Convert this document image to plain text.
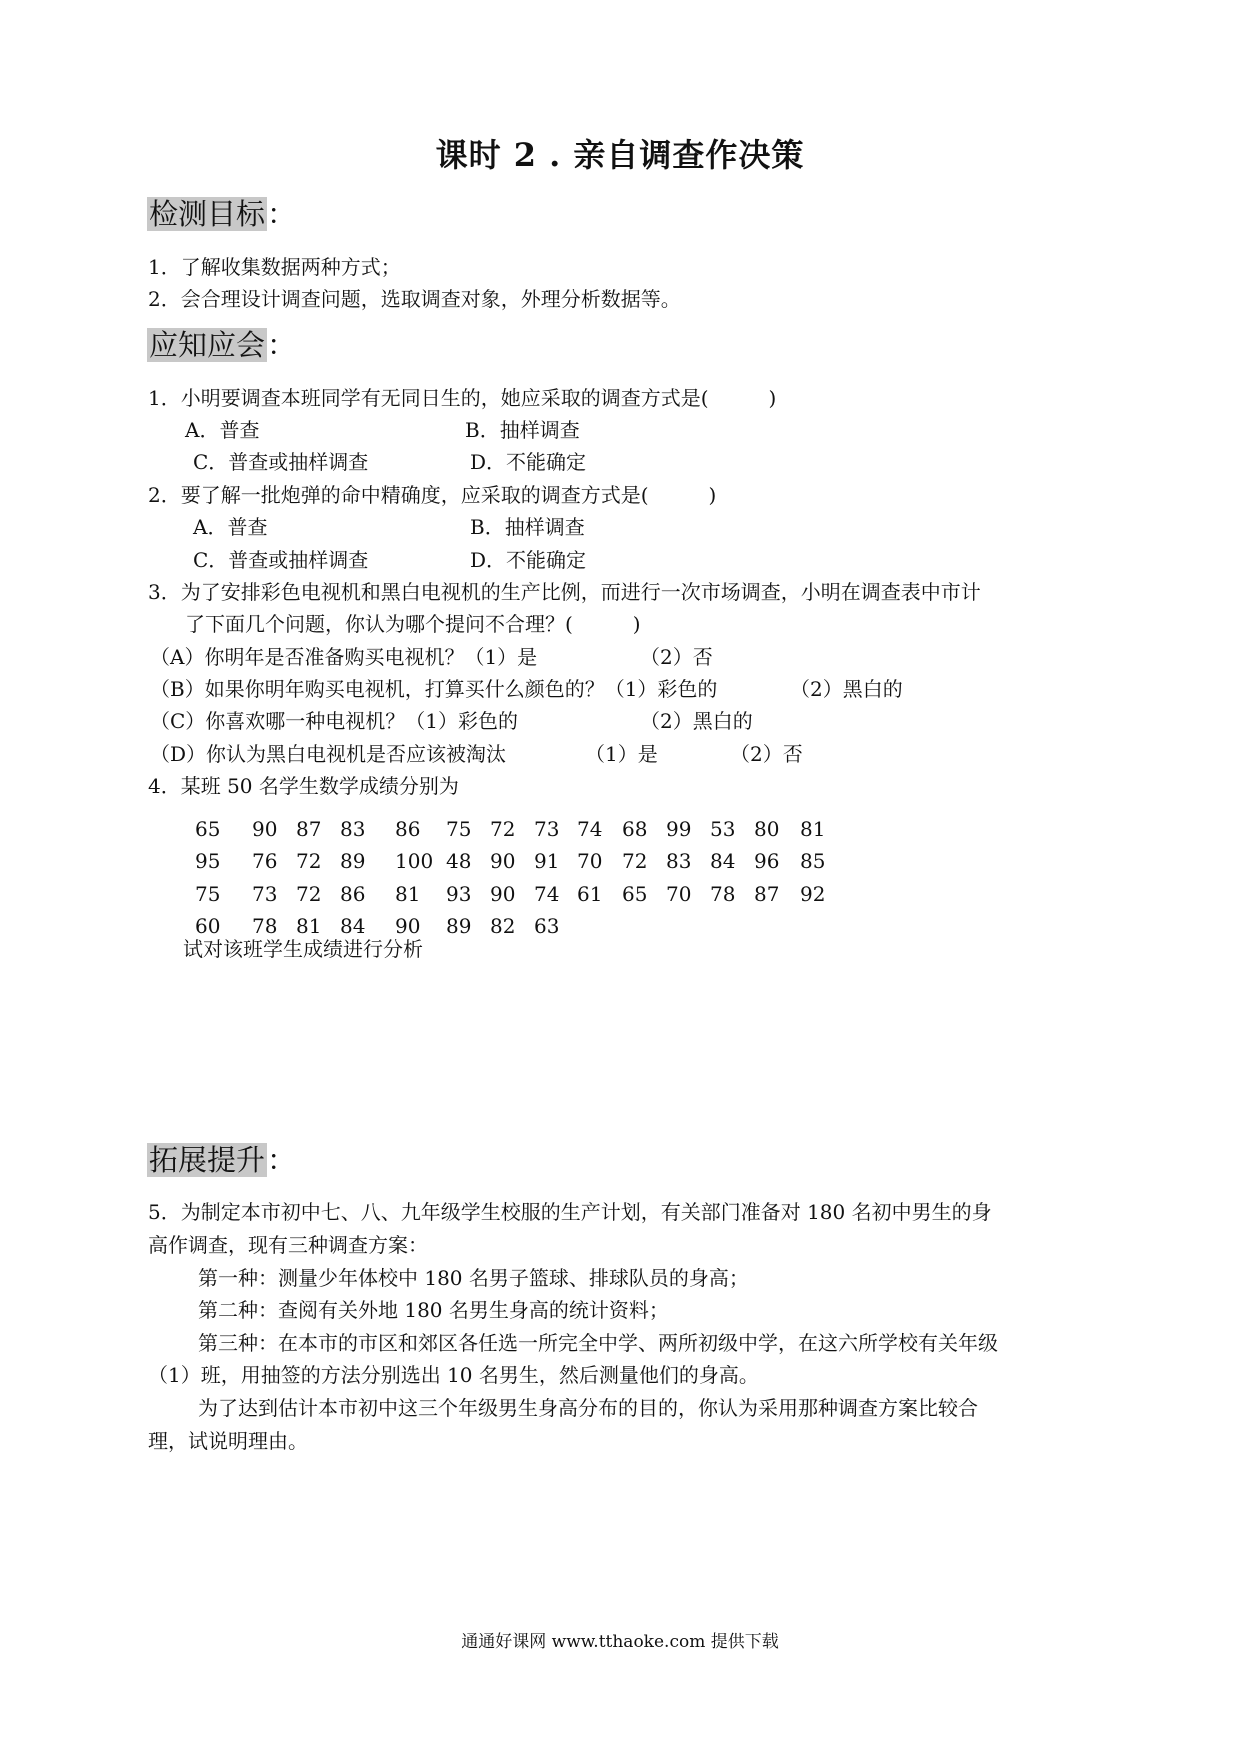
课时 2 . 亲自调查作决策
检测目标：
1．了解收集数据两种方式；
2．会合理设计调查问题，选取调查对象，外理分析数据等。
应知应会：
1．小明要调查本班同学有无同日生的，她应采取的调查方式是(　　　)
A．普查	B．抽样调查
C．普查或抽样调查	D．不能确定
2．要了解一批炮弹的命中精确度，应采取的调查方式是(　　　)
A．普查	B．抽样调查
C．普查或抽样调查	D．不能确定
3．为了安排彩色电视机和黑白电视机的生产比例，而进行一次市场调查，小明在调查表中市计
了下面几个问题，你认为哪个提问不合理？(　　　)
（A）你明年是否准备购买电视机？（1）是	（2）否
（B）如果你明年购买电视机，打算买什么颜色的？（1）彩色的	（2）黑白的
（C）你喜欢哪一种电视机？（1）彩色的	（2）黑白的
（D）你认为黑白电视机是否应该被淘汰	（1）是	（2）否
4．某班 50 名学生数学成绩分别为
65 90 87 83 86 75 72 73 74 68 99 53 80 81
95 76 72 89 100 48 90 91 70 72 83 84 96 85
75 73 72 86 81 93 90 74 61 65 70 78 87 92
60 78 81 84 90 89 82 63
试对该班学生成绩进行分析
拓展提升：
5．为制定本市初中七、八、九年级学生校服的生产计划，有关部门准备对 180 名初中男生的身
高作调查，现有三种调查方案：
第一种：测量少年体校中 180 名男子篮球、排球队员的身高；
第二种：查阅有关外地 180 名男生身高的统计资料；
第三种：在本市的市区和郊区各任选一所完全中学、两所初级中学，在这六所学校有关年级
（1）班，用抽签的方法分别选出 10 名男生，然后测量他们的身高。
为了达到估计本市初中这三个年级男生身高分布的目的，你认为采用那种调查方案比较合
理，试说明理由。
通通好课网 www.tthaoke.com 提供下载
